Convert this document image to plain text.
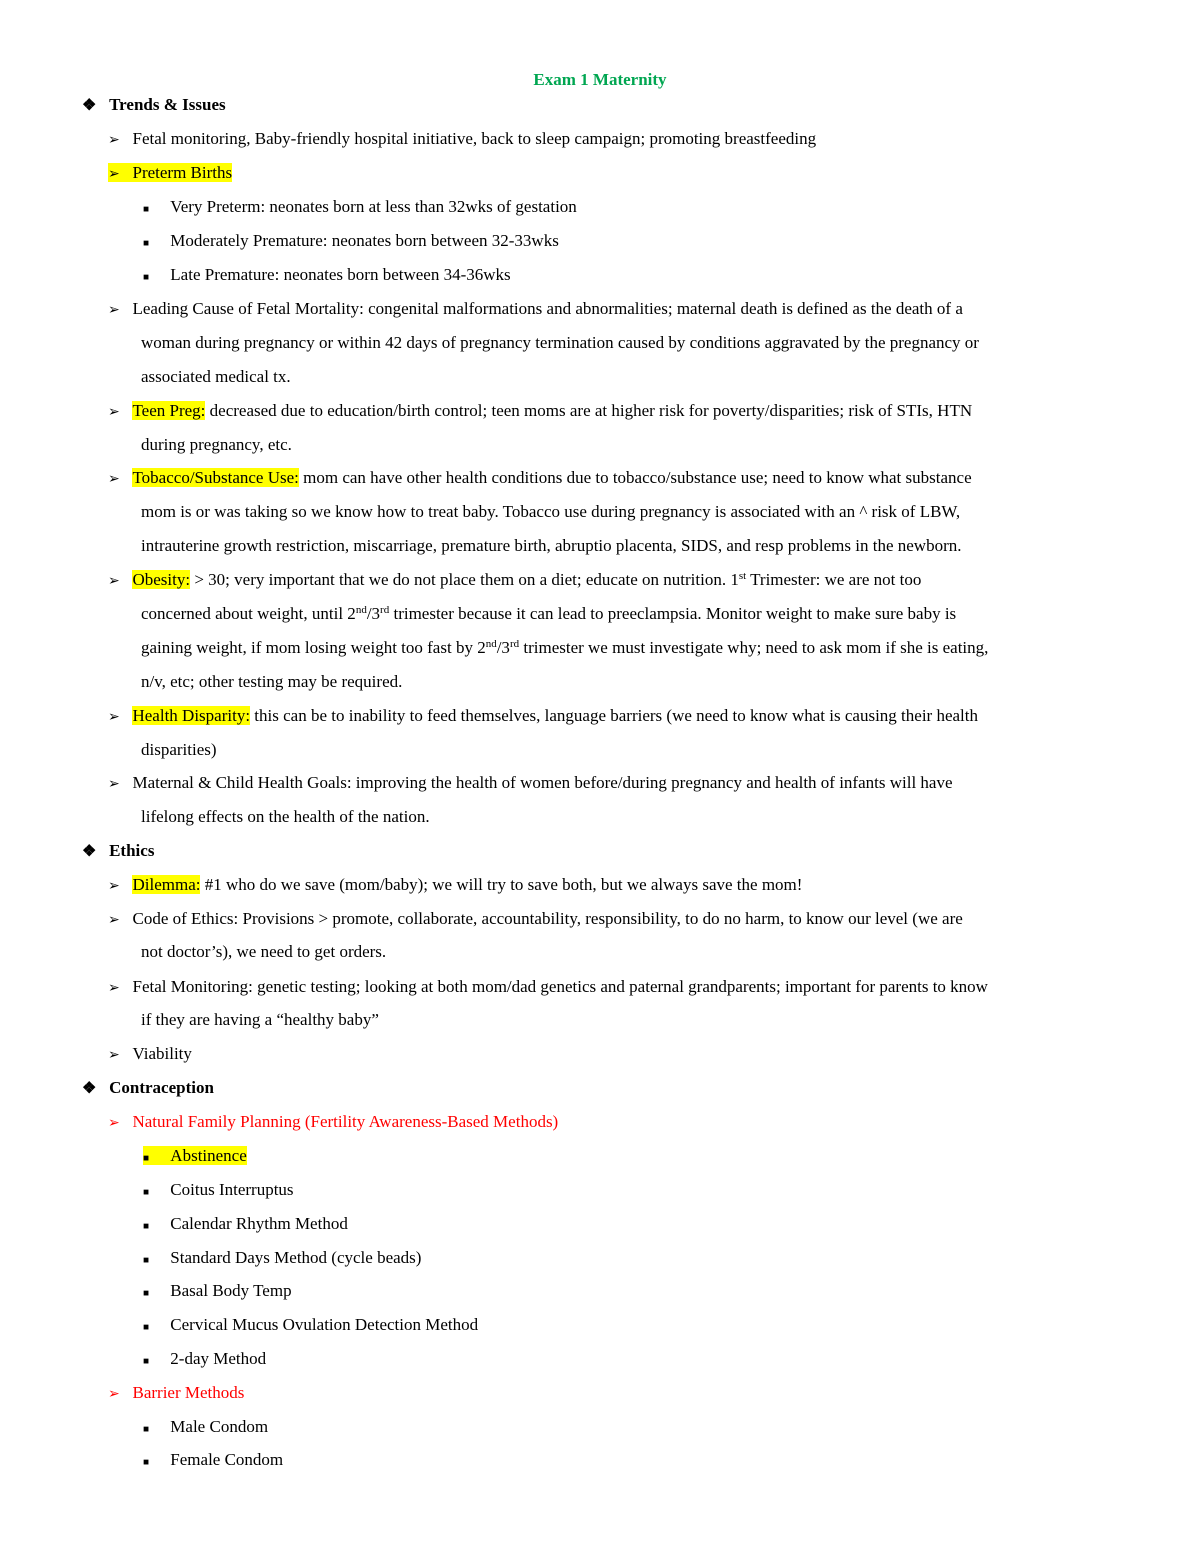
Exam 1 Maternity
❖ Trends & Issues
➢ Fetal monitoring, Baby-friendly hospital initiative, back to sleep campaign; promoting breastfeeding
➢ Preterm Births
■ Very Preterm: neonates born at less than 32wks of gestation
■ Moderately Premature: neonates born between 32-33wks
■ Late Premature: neonates born between 34-36wks
➢ Leading Cause of Fetal Mortality: congenital malformations and abnormalities; maternal death is defined as the death of a
woman during pregnancy or within 42 days of pregnancy termination caused by conditions aggravated by the pregnancy or
associated medical tx.
➢ Teen Preg: decreased due to education/birth control; teen moms are at higher risk for poverty/disparities; risk of STIs, HTN
during pregnancy, etc.
➢ Tobacco/Substance Use: mom can have other health conditions due to tobacco/substance use; need to know what substance
mom is or was taking so we know how to treat baby. Tobacco use during pregnancy is associated with an ^ risk of LBW,
intrauterine growth restriction, miscarriage, premature birth, abruptio placenta, SIDS, and resp problems in the newborn.
➢ Obesity: > 30; very important that we do not place them on a diet; educate on nutrition. 1st Trimester: we are not too
concerned about weight, until 2nd/3rd trimester because it can lead to preeclampsia. Monitor weight to make sure baby is
gaining weight, if mom losing weight too fast by 2nd/3rd trimester we must investigate why; need to ask mom if she is eating,
n/v, etc; other testing may be required.
➢ Health Disparity: this can be to inability to feed themselves, language barriers (we need to know what is causing their health
disparities)
➢ Maternal & Child Health Goals: improving the health of women before/during pregnancy and health of infants will have
lifelong effects on the health of the nation.
❖ Ethics
➢ Dilemma: #1 who do we save (mom/baby); we will try to save both, but we always save the mom!
➢ Code of Ethics: Provisions > promote, collaborate, accountability, responsibility, to do no harm, to know our level (we are
not doctor’s), we need to get orders.
➢ Fetal Monitoring: genetic testing; looking at both mom/dad genetics and paternal grandparents; important for parents to know
if they are having a “healthy baby”
➢ Viability
❖ Contraception
➢ Natural Family Planning (Fertility Awareness-Based Methods)
■ Abstinence
■ Coitus Interruptus
■ Calendar Rhythm Method
■ Standard Days Method (cycle beads)
■ Basal Body Temp
■ Cervical Mucus Ovulation Detection Method
■ 2-day Method
➢ Barrier Methods
■ Male Condom
■ Female Condom
